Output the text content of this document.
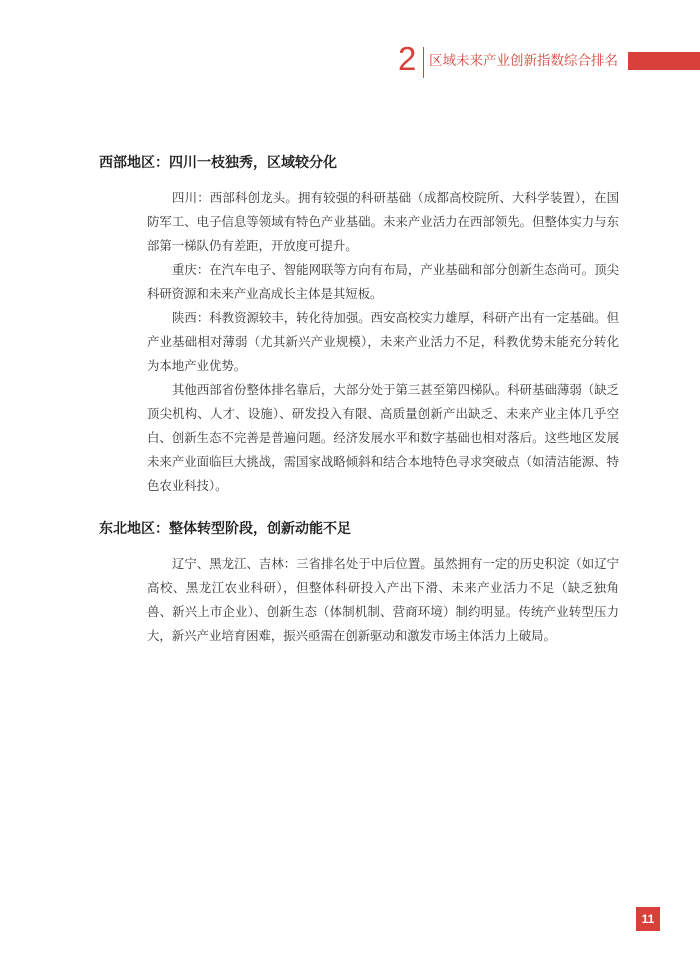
2 区域未来产业创新指数综合排名
西部地区：四川一枝独秀，区域较分化

四川：西部科创龙头。拥有较强的科研基础（成都高校院所、大科学装置），在国防军工、电子信息等领域有特色产业基础。未来产业活力在西部领先。但整体实力与东部第一梯队仍有差距，开放度可提升。

重庆：在汽车电子、智能网联等方向有布局，产业基础和部分创新生态尚可。顶尖科研资源和未来产业高成长主体是其短板。

陕西：科教资源较丰，转化待加强。西安高校实力雄厚，科研产出有一定基础。但产业基础相对薄弱（尤其新兴产业规模），未来产业活力不足，科教优势未能充分转化为本地产业优势。

其他西部省份整体排名靠后，大部分处于第三甚至第四梯队。科研基础薄弱（缺乏顶尖机构、人才、设施）、研发投入有限、高质量创新产出缺乏、未来产业主体几乎空白、创新生态不完善是普遍问题。经济发展水平和数字基础也相对落后。这些地区发展未来产业面临巨大挑战，需国家战略倾斜和结合本地特色寻求突破点（如清洁能源、特色农业科技）。

东北地区：整体转型阶段，创新动能不足

辽宁、黑龙江、吉林：三省排名处于中后位置。虽然拥有一定的历史积淀（如辽宁高校、黑龙江农业科研），但整体科研投入产出下滑、未来产业活力不足（缺乏独角兽、新兴上市企业）、创新生态（体制机制、营商环境）制约明显。传统产业转型压力大，新兴产业培育困难，振兴亟需在创新驱动和激发市场主体活力上破局。

11
